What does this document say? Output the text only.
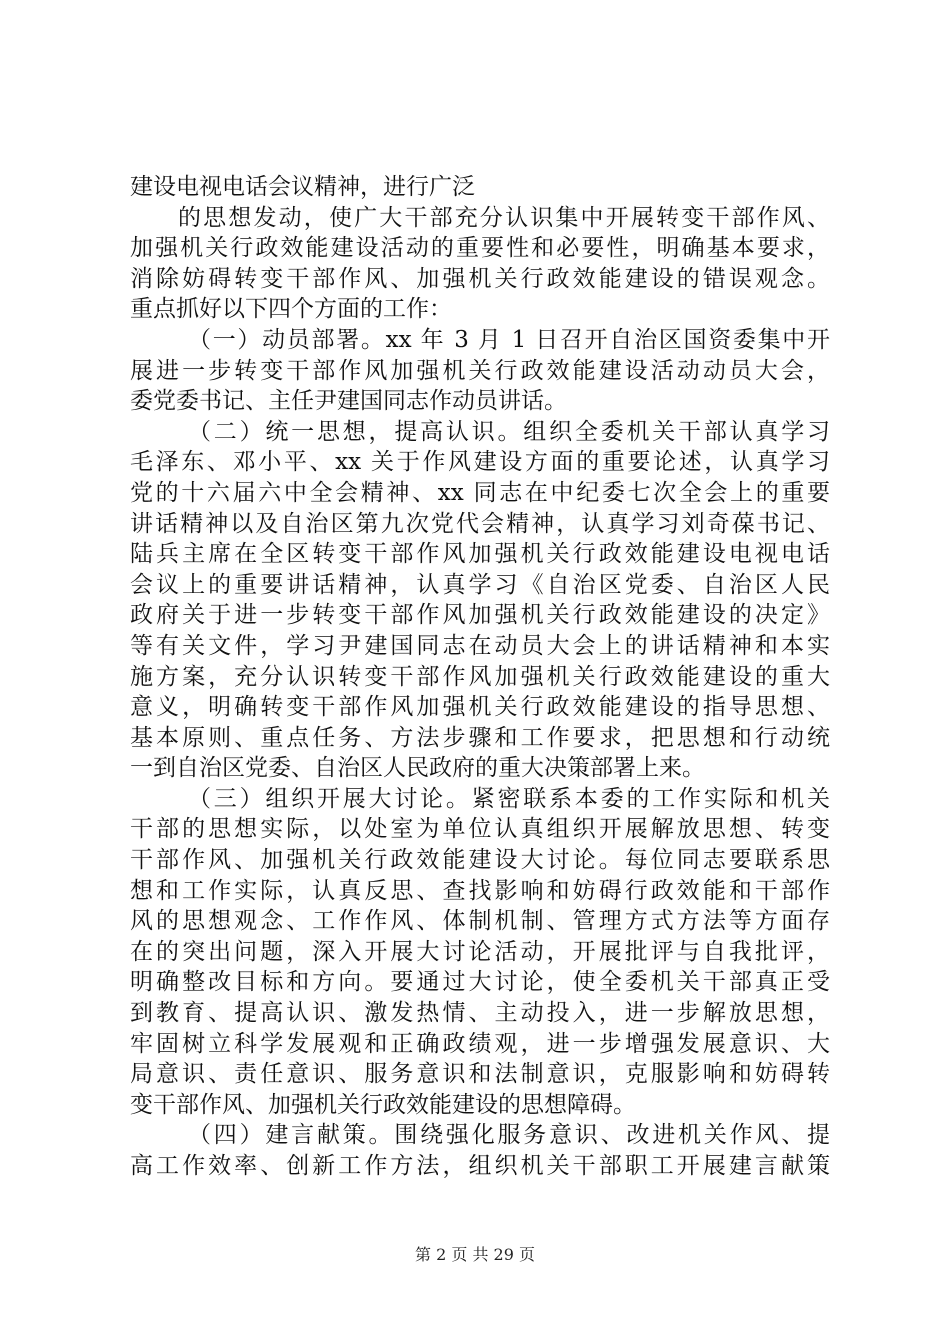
建设电视电话会议精神，进行广泛
的思想发动，使广大干部充分认识集中开展转变干部作风、
加强机关行政效能建设活动的重要性和必要性，明确基本要求，
消除妨碍转变干部作风、加强机关行政效能建设的错误观念。
重点抓好以下四个方面的工作：
（一）动员部署。xx 年 3 月 1 日召开自治区国资委集中开
展进一步转变干部作风加强机关行政效能建设活动动员大会，
委党委书记、主任尹建国同志作动员讲话。
（二）统一思想，提高认识。组织全委机关干部认真学习
毛泽东、邓小平、xx 关于作风建设方面的重要论述，认真学习
党的十六届六中全会精神、xx 同志在中纪委七次全会上的重要
讲话精神以及自治区第九次党代会精神，认真学习刘奇葆书记、
陆兵主席在全区转变干部作风加强机关行政效能建设电视电话
会议上的重要讲话精神，认真学习《自治区党委、自治区人民
政府关于进一步转变干部作风加强机关行政效能建设的决定》
等有关文件，学习尹建国同志在动员大会上的讲话精神和本实
施方案，充分认识转变干部作风加强机关行政效能建设的重大
意义，明确转变干部作风加强机关行政效能建设的指导思想、
基本原则、重点任务、方法步骤和工作要求，把思想和行动统
一到自治区党委、自治区人民政府的重大决策部署上来。
（三）组织开展大讨论。紧密联系本委的工作实际和机关
干部的思想实际，以处室为单位认真组织开展解放思想、转变
干部作风、加强机关行政效能建设大讨论。每位同志要联系思
想和工作实际，认真反思、查找影响和妨碍行政效能和干部作
风的思想观念、工作作风、体制机制、管理方式方法等方面存
在的突出问题，深入开展大讨论活动，开展批评与自我批评，
明确整改目标和方向。要通过大讨论，使全委机关干部真正受
到教育、提高认识、激发热情、主动投入，进一步解放思想，
牢固树立科学发展观和正确政绩观，进一步增强发展意识、大
局意识、责任意识、服务意识和法制意识，克服影响和妨碍转
变干部作风、加强机关行政效能建设的思想障碍。
（四）建言献策。围绕强化服务意识、改进机关作风、提
高工作效率、创新工作方法，组织机关干部职工开展建言献策
第 2 页 共 29 页
